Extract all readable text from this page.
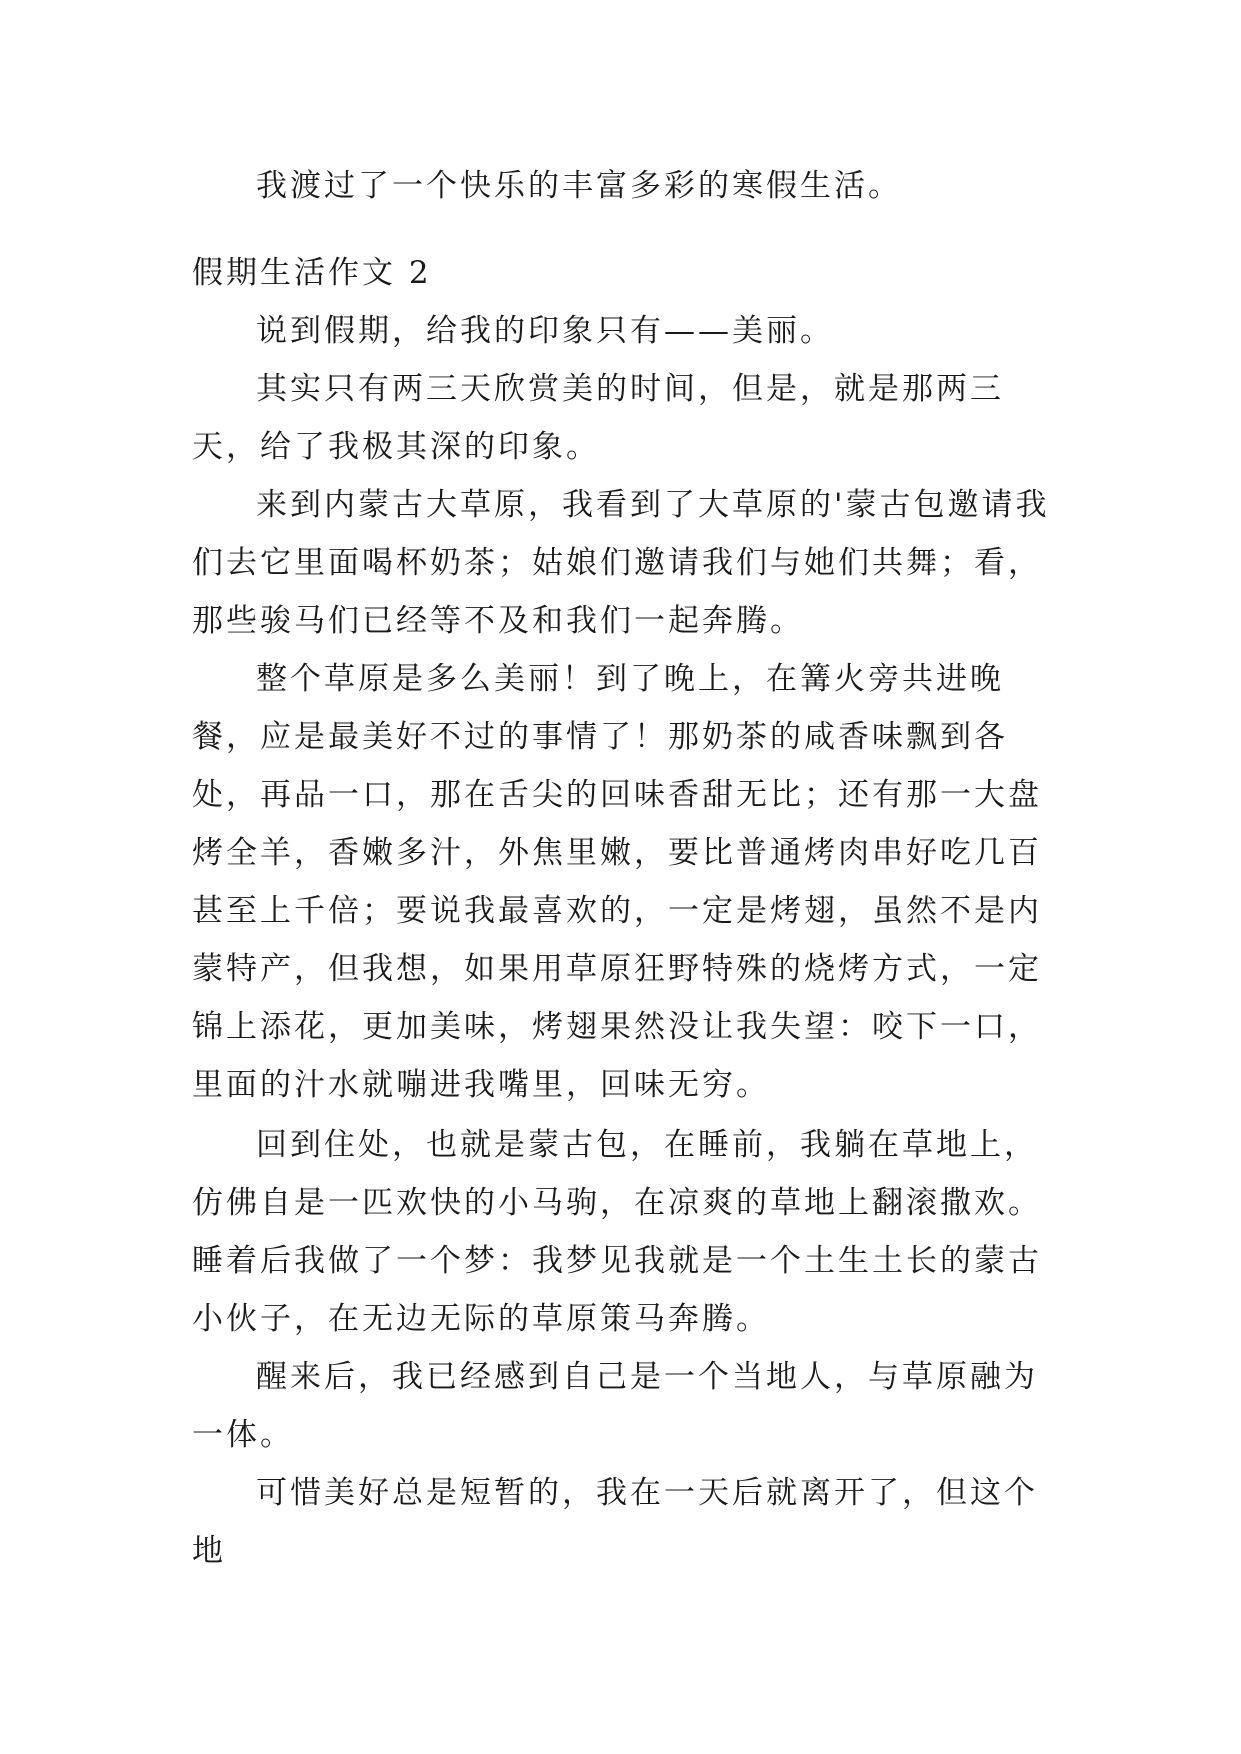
我渡过了一个快乐的丰富多彩的寒假生活。

假期生活作文 2

说到假期，给我的印象只有——美丽。

其实只有两三天欣赏美的时间，但是，就是那两三天，给了我极其深的印象。

来到内蒙古大草原，我看到了大草原的'蒙古包邀请我们去它里面喝杯奶茶；姑娘们邀请我们与她们共舞；看，那些骏马们已经等不及和我们一起奔腾。

整个草原是多么美丽！到了晚上，在篝火旁共进晚餐，应是最美好不过的事情了！那奶茶的咸香味飘到各处，再品一口，那在舌尖的回味香甜无比；还有那一大盘烤全羊，香嫩多汁，外焦里嫩，要比普通烤肉串好吃几百甚至上千倍；要说我最喜欢的，一定是烤翅，虽然不是内蒙特产，但我想，如果用草原狂野特殊的烧烤方式，一定锦上添花，更加美味，烤翅果然没让我失望：咬下一口，里面的汁水就嘣进我嘴里，回味无穷。

回到住处，也就是蒙古包，在睡前，我躺在草地上，仿佛自是一匹欢快的小马驹，在凉爽的草地上翻滚撒欢。睡着后我做了一个梦：我梦见我就是一个土生土长的蒙古小伙子，在无边无际的草原策马奔腾。

醒来后，我已经感到自己是一个当地人，与草原融为一体。

可惜美好总是短暂的，我在一天后就离开了，但这个地
